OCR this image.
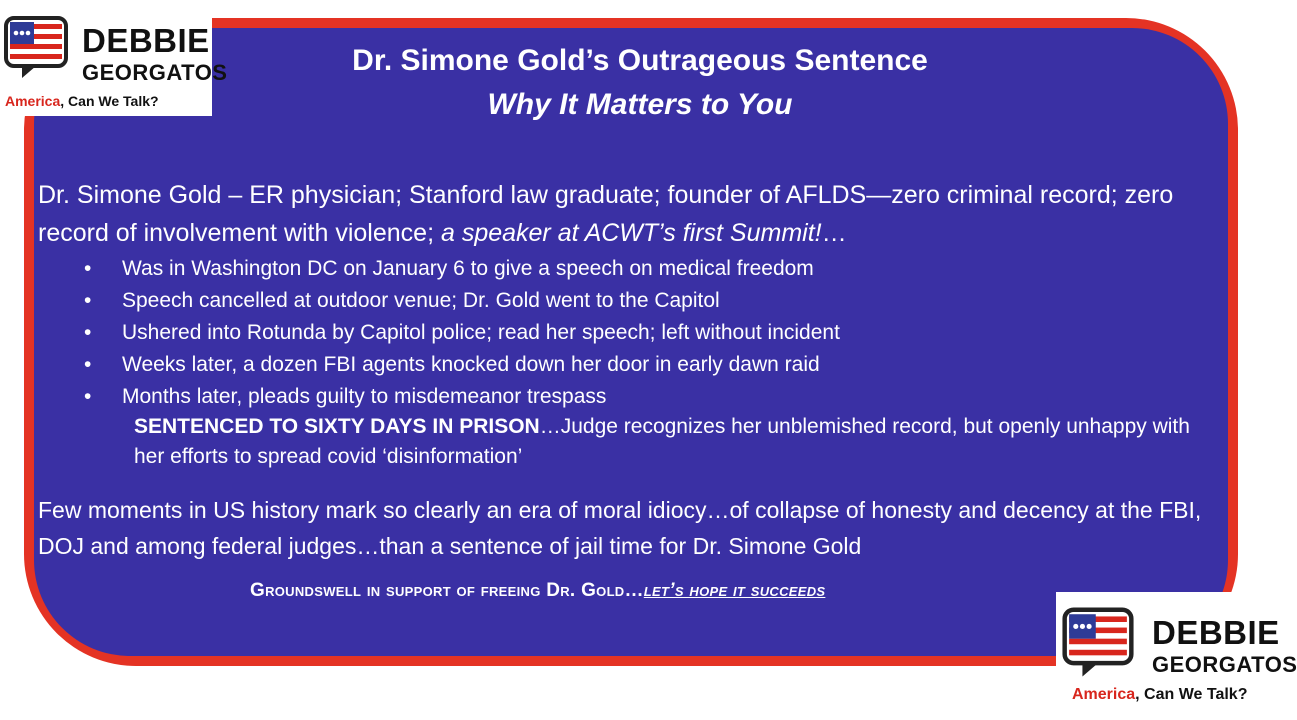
DEBBIE
GEORGATOS
America, Can We Talk?
Dr. Simone Gold’s Outrageous Sentence
Why It Matters to You

Dr. Simone Gold – ER physician; Stanford law graduate; founder of AFLDS—zero criminal record; zero record of involvement with violence; a speaker at ACWT’s first Summit!…

• Was in Washington DC on January 6 to give a speech on medical freedom
• Speech cancelled at outdoor venue; Dr. Gold went to the Capitol
• Ushered into Rotunda by Capitol police; read her speech; left without incident
• Weeks later, a dozen FBI agents knocked down her door in early dawn raid
• Months later, pleads guilty to misdemeanor trespass

SENTENCED TO SIXTY DAYS IN PRISON…Judge recognizes her unblemished record, but openly unhappy with her efforts to spread covid ‘disinformation’

Few moments in US history mark so clearly an era of moral idiocy…of collapse of honesty and decency at the FBI, DOJ and among federal judges…than a sentence of jail time for Dr. Simone Gold

Groundswell in support of freeing Dr. Gold…let’s hope it succeeds
DEBBIE
GEORGATOS
America, Can We Talk?
